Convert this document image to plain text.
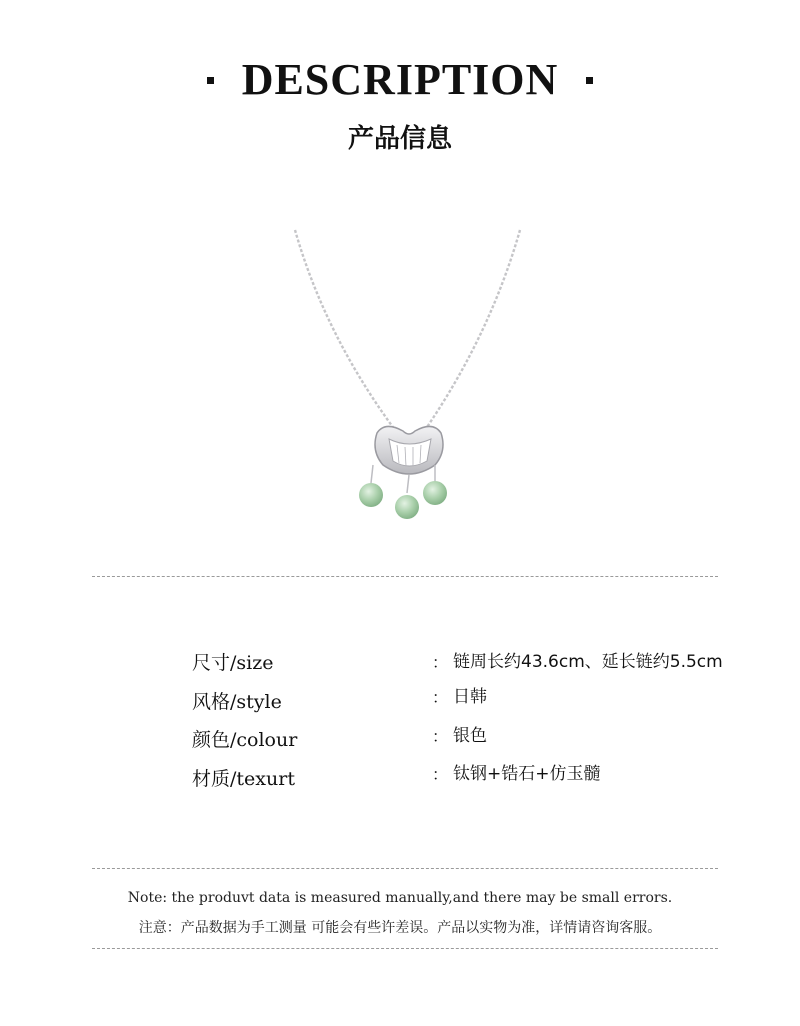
DESCRIPTION
产品信息
尺寸/size	： 链周长约43.6cm、延长链约5.5cm
风格/style	： 日韩
颜色/colour	： 银色
材质/texurt	： 钛钢+锆石+仿玉髓
Note: the produvt data is measured manually,and there may be small errors.
注意：产品数据为手工测量 可能会有些许差误。产品以实物为准，详情请咨询客服。
